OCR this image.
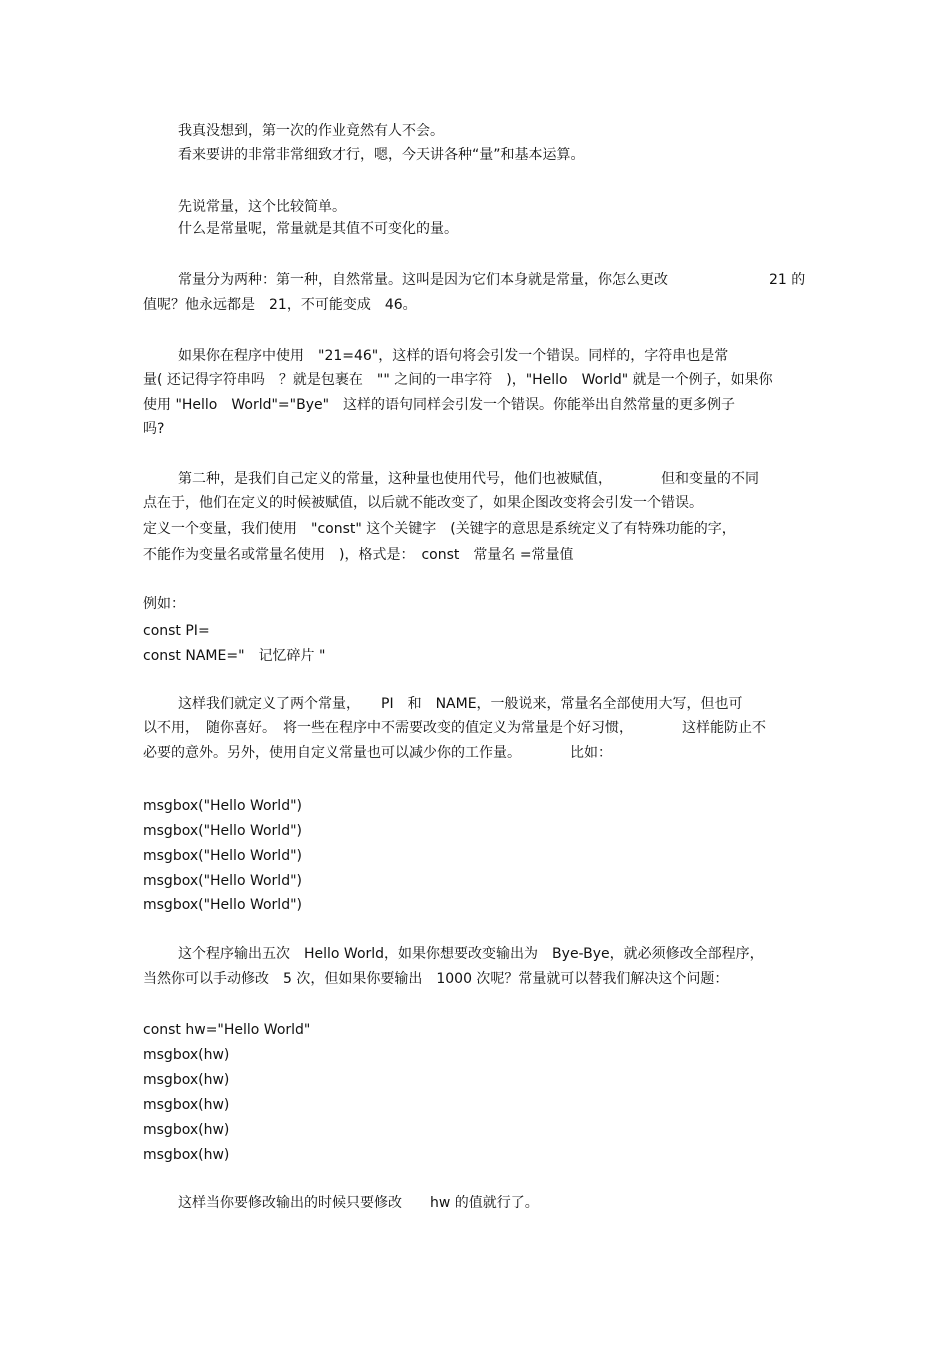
我真没想到，第一次的作业竟然有人不会。
看来要讲的非常非常细致才行，嗯，今天讲各种“量”和基本运算。
先说常量，这个比较简单。
什么是常量呢，常量就是其值不可变化的量。
常量分为两种：第一种，自然常量。这叫是因为它们本身就是常量，你怎么更改	21 的
值呢？他永远都是　21，不可能变成　46。
如果你在程序中使用　"21=46"，这样的语句将会引发一个错误。同样的，字符串也是常
量( 还记得字符串吗　？就是包裹在　"" 之间的一串字符　)，"Hello　World" 就是一个例子，如果你
使用 "Hello　World"="Bye"　这样的语句同样会引发一个错误。你能举出自然常量的更多例子
吗?
第二种，是我们自己定义的常量，这种量也使用代号，他们也被赋值，　　　　但和变量的不同
点在于，他们在定义的时候被赋值，以后就不能改变了，如果企图改变将会引发一个错误。
定义一个变量，我们使用　"const" 这个关键字　(关键字的意思是系统定义了有特殊功能的字，
不能作为变量名或常量名使用　)，格式是：　const　常量名 =常量值
例如：
const PI=
const NAME="　记忆碎片 "
这样我们就定义了两个常量，　　PI　和　NAME，一般说来，常量名全部使用大写，但也可
以不用，　随你喜好。　将一些在程序中不需要改变的值定义为常量是个好习惯，　　　　这样能防止不
必要的意外。另外，使用自定义常量也可以减少你的工作量。　　　　比如：
msgbox("Hello World")
msgbox("Hello World")
msgbox("Hello World")
msgbox("Hello World")
msgbox("Hello World")
这个程序输出五次　Hello World，如果你想要改变输出为　Bye-Bye，就必须修改全部程序，
当然你可以手动修改　5 次，但如果你要输出　1000 次呢？常量就可以替我们解决这个问题：
const hw="Hello World"
msgbox(hw)
msgbox(hw)
msgbox(hw)
msgbox(hw)
msgbox(hw)
这样当你要修改输出的时候只要修改　　hw 的值就行了。
